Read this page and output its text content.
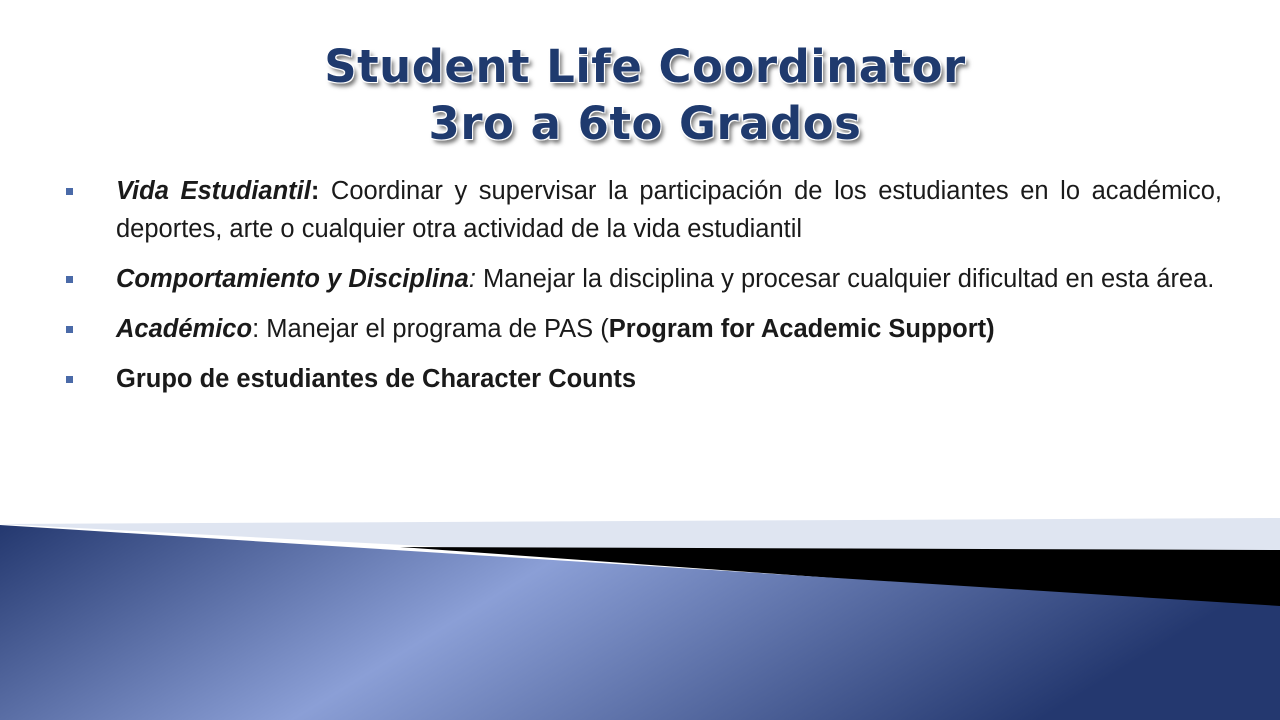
Student Life Coordinator
3ro a 6to Grados
Vida Estudiantil: Coordinar y supervisar la participación de los estudiantes en lo académico, deportes, arte o cualquier otra actividad de la vida estudiantil
Comportamiento y Disciplina: Manejar la disciplina y procesar cualquier dificultad en esta área.
Académico: Manejar el programa de PAS (Program for Academic Support)
Grupo de estudiantes de Character Counts
